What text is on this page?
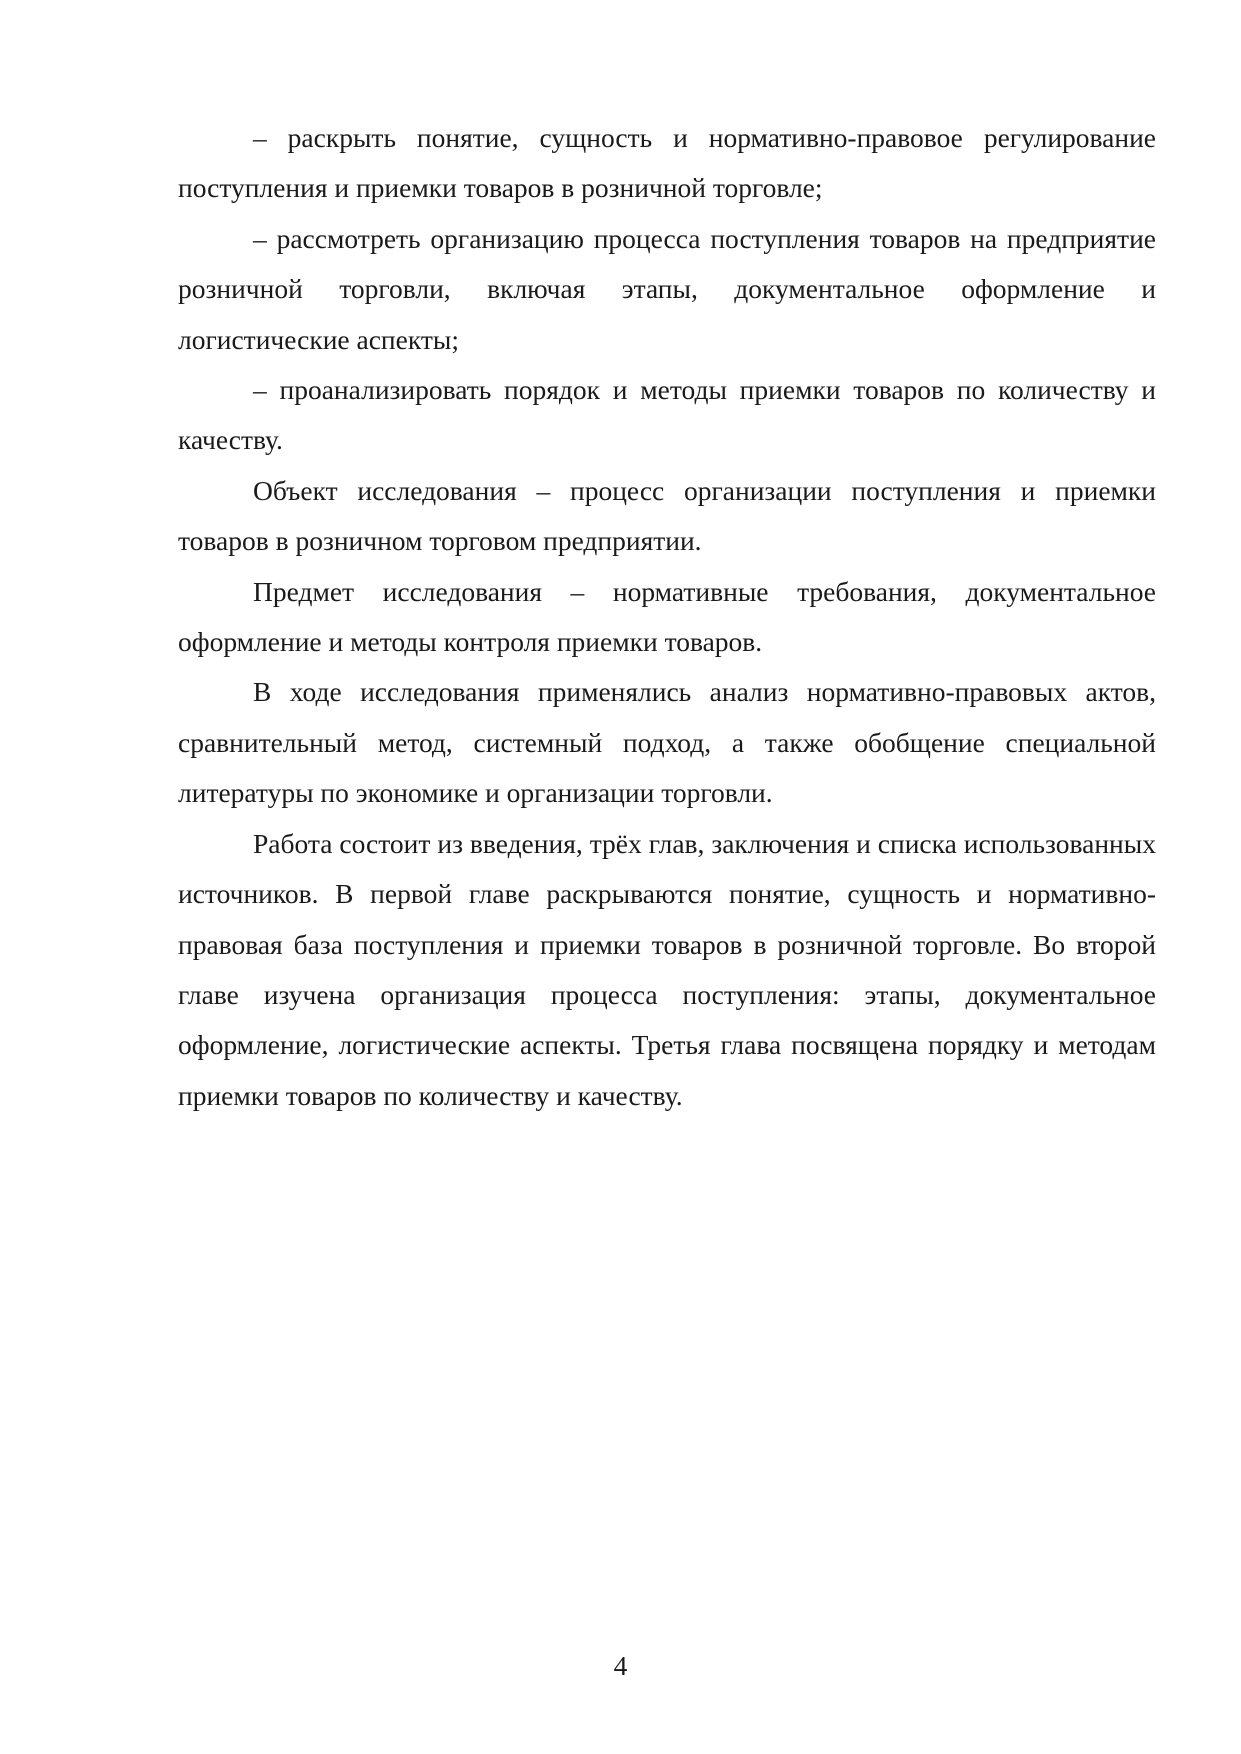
– раскрыть понятие, сущность и нормативно-правовое регулирование поступления и приемки товаров в розничной торговле;

– рассмотреть организацию процесса поступления товаров на предприятие розничной торговли, включая этапы, документальное оформление и логистические аспекты;

– проанализировать порядок и методы приемки товаров по количеству и качеству.

Объект исследования – процесс организации поступления и приемки товаров в розничном торговом предприятии.

Предмет исследования – нормативные требования, документальное оформление и методы контроля приемки товаров.

В ходе исследования применялись анализ нормативно-правовых актов, сравнительный метод, системный подход, а также обобщение специальной литературы по экономике и организации торговли.

Работа состоит из введения, трёх глав, заключения и списка использованных источников. В первой главе раскрываются понятие, сущность и нормативно-правовая база поступления и приемки товаров в розничной торговле. Во второй главе изучена организация процесса поступления: этапы, документальное оформление, логистические аспекты. Третья глава посвящена порядку и методам приемки товаров по количеству и качеству.

4
